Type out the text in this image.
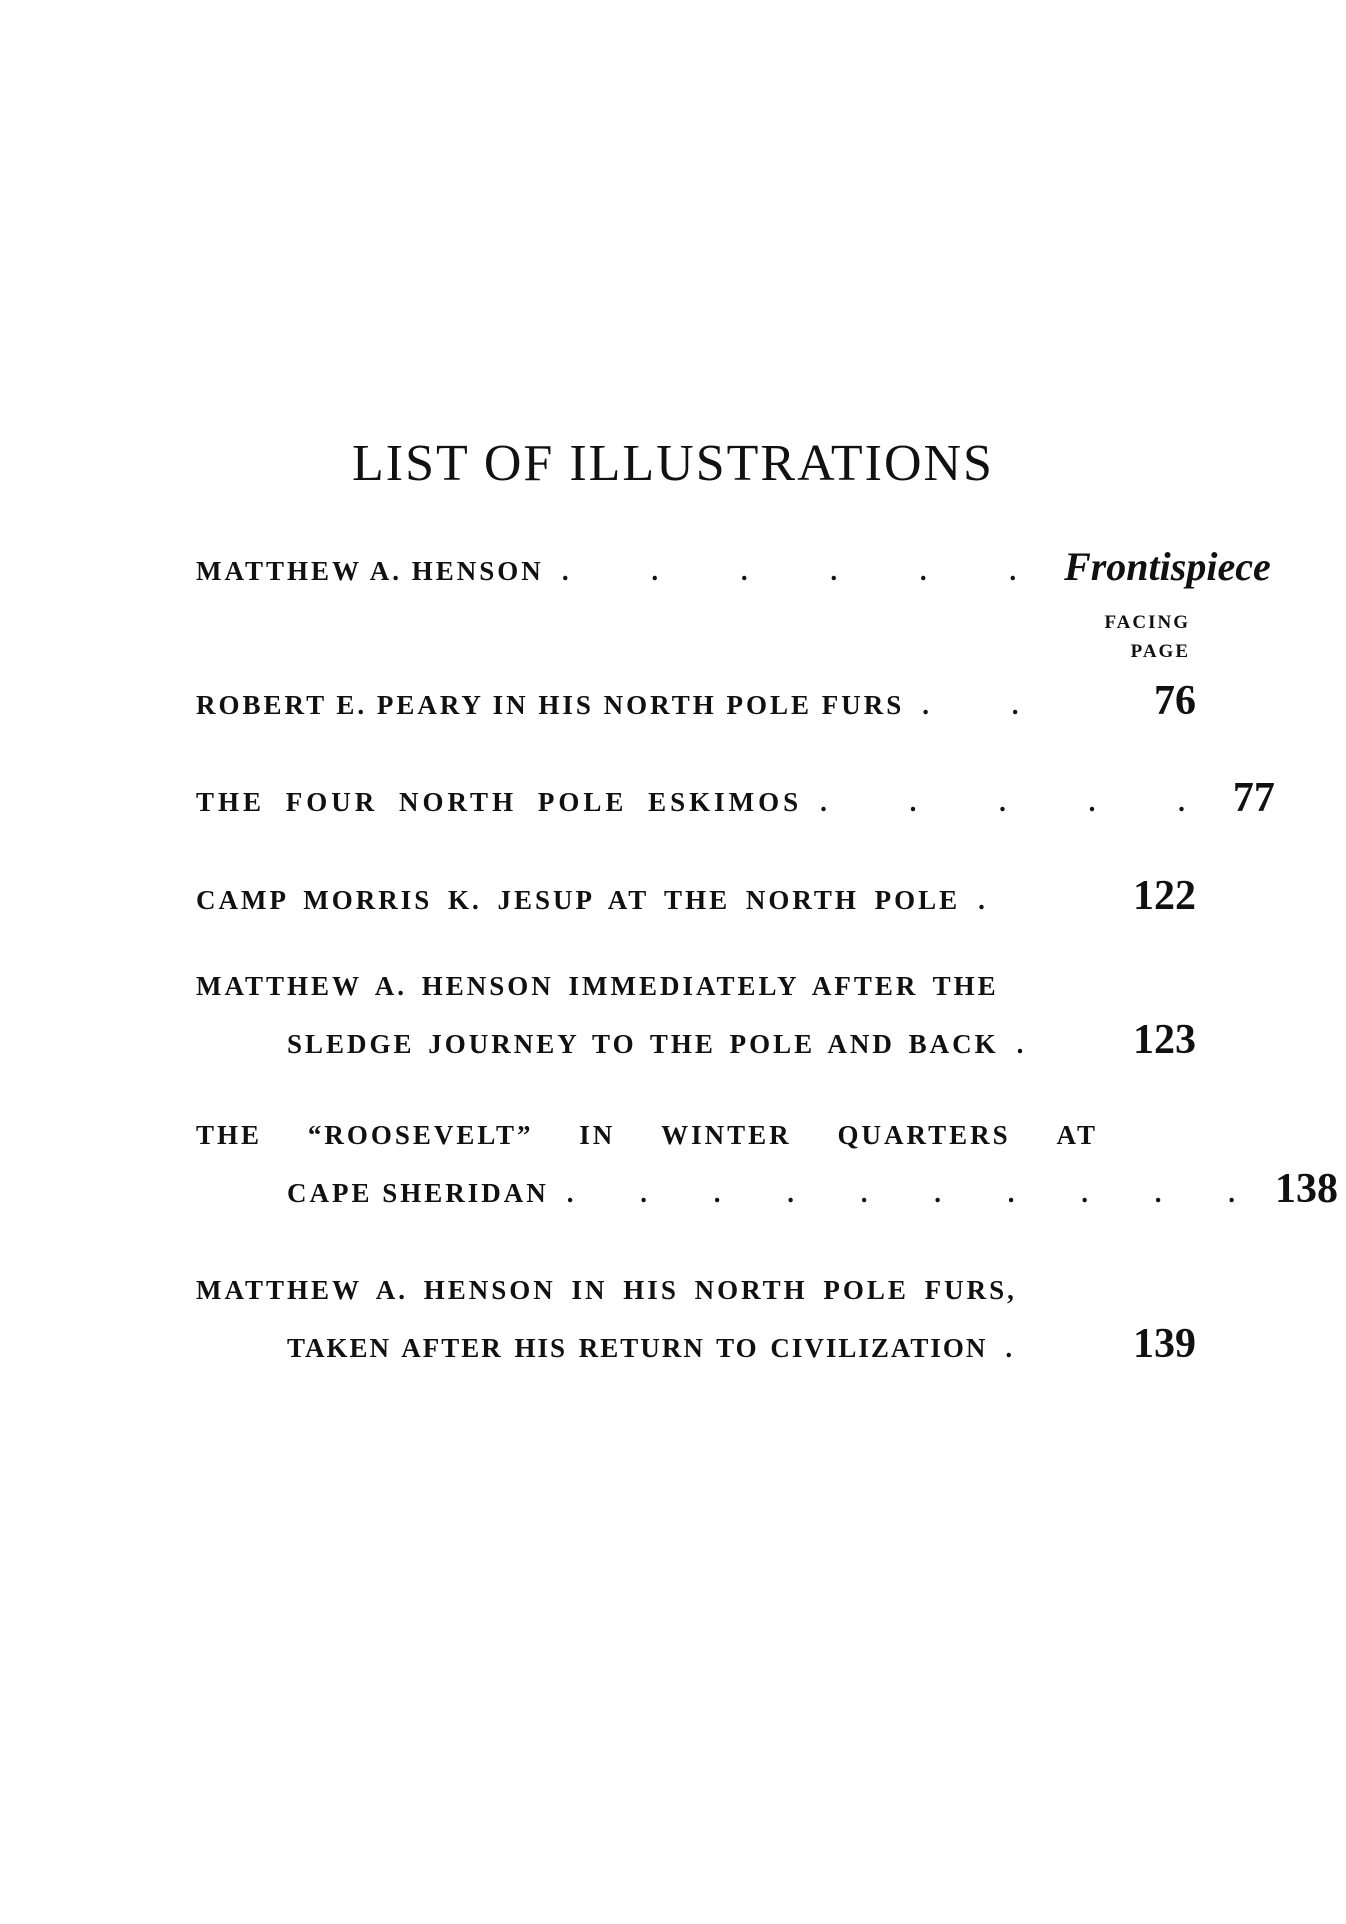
LIST OF ILLUSTRATIONS
MATTHEW A. HENSON . . . . . . Frontispiece
FACING
PAGE
ROBERT E. PEARY IN HIS NORTH POLE FURS . .	76
THE FOUR NORTH POLE ESKIMOS . . . . . 77
CAMP MORRIS K. JESUP AT THE NORTH POLE .	122
MATTHEW A. HENSON IMMEDIATELY AFTER THE
SLEDGE JOURNEY TO THE POLE AND BACK .	123
THE “ROOSEVELT” IN WINTER QUARTERS AT
CAPE SHERIDAN . . . . . . . . . . 138
MATTHEW A. HENSON IN HIS NORTH POLE FURS,
TAKEN AFTER HIS RETURN TO CIVILIZATION .	139
